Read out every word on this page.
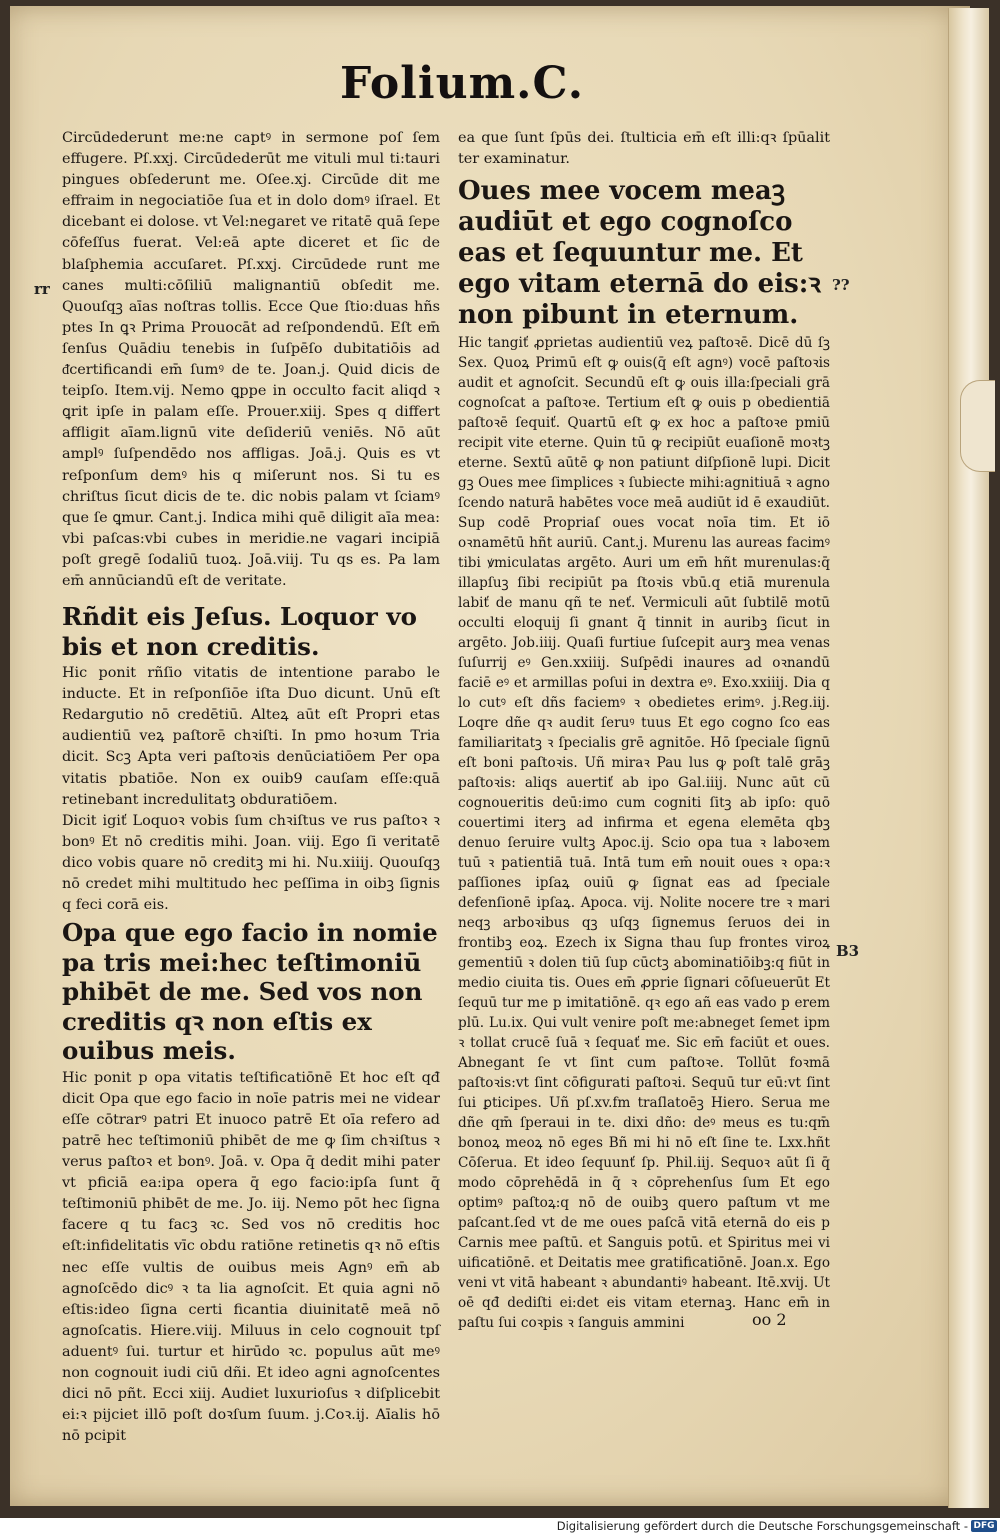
Folium.C.
rr	??
B3

Circūdederunt me:ne captꝰ in sermone poſ ſem effugere. Pſ.xxj. Circūdederūt me vituli mul ti:tauri pingues obſederunt me. Oſee.xj. Circūde dit me effraim in negociatiōe ſua et in dolo domꝰ iſrael. Et dicebant ei dolose. vt Vel:negaret ve ritatē quā ſepe cōfeſſus fuerat. Vel:eā apte diceret et ſic de blaſphemia accuſaret. Pſ.xxj. Circūdede runt me canes multi:cōſiliū malignantiū obſedit me. Quouſqꝫ aīas noſtras tollis. Ecce Que ſtio:duas hñs ptes In ꝗꝛ Prima Prouocāt ad reſpondendū. Eſt em̄ ſenſus Quādiu tenebis in ſuſpēſo dubitatiōis ad ᵭcertificandi em̄ ſumꝰ de te. Joan.j. Quid dicis de teipſo. Item.vij. Nemo ꝗppe in occulto facit aliqd ꝛ ꝗrit ipſe in palam eſſe. Prouer.xiij. Spes q differt affligit aīam.lignū vite deſideriū veniēs. Nō aūt amplꝰ ſuſpendēdo nos affligas. Joā.j. Quis es vt reſponſum demꝰ his q miſerunt nos. Si tu es chriſtus ſicut dicis de te. dic nobis palam vt ſciamꝰ que ſe ꝗmur. Cant.j. Indica mihi quē diligit aīa mea: vbi paſcas:vbi cubes in meridie.ne vagari incipiā poſt gregē ſodaliū tuoꝝ. Joā.viij. Tu qs es. Pa lam em̄ annūciandū eſt de veritate.

Rñdit eis Jeſus. Loquor vo bis et non creditis.

Hic ponit rñſio vitatis de intentione parabo le inducte. Et in reſponſiōe iſta Duo dicunt. Unū eſt Redargutio nō credētiū. Alteꝝ aūt eſt Propri etas audientiū veꝝ paſtorē chꝛiſti. In pmo hoꝛum Tria dicit. Scꝫ Apta veri paſtoꝛis denūciatiōem Per opa vitatis pbatiōe. Non ex ouib9 cauſam eſſe:quā retinebant incredulitatꝫ obduratiōem.

Dicit igiť Loquoꝛ vobis ſum chꝛiſtus ve rus paſtoꝛ ꝛ bonꝰ Et nō creditis mihi. Joan. viij. Ego ſi veritatē dico vobis quare nō creditꝫ mi hi. Nu.xiiij. Quouſqꝫ nō credet mihi multitudo hec peſſima in oibꝫ ſignis q feci corā eis.

Opa que ego facio in nomie pa tris mei:hec teſtimoniū phibēt de me. Sed vos non creditis qꝛ non eſtis ex ouibus meis.

Hic ponit p opa vitatis teſtificatiōnē Et hoc eſt qđ dicit Opa que ego facio in noīe patris mei ne videar eſſe cōtrarꝰ patri Et inuoco patrē Et oīa refero ad patrē hec teſtimoniū phibēt de me ꝙ ſim chꝛiſtus ꝛ verus paſtoꝛ et bonꝰ. Joā. v. Opa q̄ dedit mihi pater vt pficiā ea:ipa opera q̄ ego facio:ipſa ſunt q̄ teſtimoniū phibēt de me. Jo. iij. Nemo pōt hec ſigna facere q tu facꝫ ꝛc. Sed vos nō creditis hoc eſt:infidelitatis vīc obdu ratiōne retinetis qꝛ nō eſtis nec eſſe vultis de ouibus meis Agnꝰ em̄ ab agnoſcēdo dicꝰ ꝛ ta lia agnoſcit. Et quia agni nō eſtis:ideo ſigna certi ficantia diuinitatē meā nō agnoſcatis. Hiere.viij. Miluus in celo cognouit tpſ aduentꝰ ſui. turtur et hirūdo ꝛc. populus aūt meꝰ non cognouit iudi ciū dñi. Et ideo agni agnoſcentes dici nō pñt. Ecci xiij. Audiet luxurioſus ꝛ diſplicebit ei:ꝛ pijciet illō poſt doꝛſum ſuum. j.Coꝛ.ij. Aīalis hō nō pcipit

ea que ſunt ſpūs dei. ſtulticia em̄ eſt illi:qꝛ ſpūalit ter examinatur.

Oues mee vocem meaꝫ audiūt et ego cognoſco eas et ſequuntur me. Et ego vitam eternā do eis:ꝛ non pibunt in eternum.

Hic tangiť ꝓprietas audientiū veꝝ paſtoꝛē. Dicē dū ſꝫ Sex. Quoꝝ Primū eſt ꝙ ouis(q̄ eſt agnꝰ) vocē paſtoꝛis audit et agnoſcit. Secundū eſt ꝙ ouis illa:ſpeciali grā cognoſcat a paſtoꝛe. Tertium eſt ꝙ ouis p obedientiā paſtoꝛē ſequiť. Quartū eſt ꝙ ex hoc a paſtoꝛe pmiū recipit vite eterne. Quin tū ꝙ recipiūt euaſionē moꝛtꝫ eterne. Sextū aūtē ꝙ non patiunt diſpſionē lupi. Dicit gꝫ Oues mee ſimplices ꝛ ſubiecte mihi:agnitiuā ꝛ agno ſcendo naturā habētes voce meā audiūt id ē exaudiūt. Sup codē Propriaſ oues vocat noīa tim. Et iō oꝛnamētū hñt auriū. Cant.j. Murenu las aureas facimꝰ tibi ꝟmiculatas argēto. Auri um em̄ hñt murenulas:q̄ illapſuꝫ ſibi recipiūt pa ſtoꝛis vbū.q etiā murenula labiť de manu qñ te neť. Vermiculi aūt ſubtilē motū occulti eloquij ſi gnant q̄ tinnit in auribꝫ ſicut in argēto. Job.iiij. Quaſi furtiue ſuſcepit aurꝫ mea venas ſuſurrij eꝰ Gen.xxiiij. Suſpēdi inaures ad oꝛnandū faciē eꝰ et armillas poſui in dextra eꝰ. Exo.xxiiij. Dia q lo cutꝰ eſt dñs faciemꝰ ꝛ obedietes erimꝰ. j.Reg.iij. Loqre dñe qꝛ audit ſeruꝰ tuus Et ego cogno ſco eas familiaritatꝫ ꝛ ſpecialis grē agnitōe. Hō ſpeciale ſignū eſt boni paſtoꝛis. Uñ miraꝛ Pau lus ꝙ poſt talē grāꝫ paſtoꝛis: aliqs auertiť ab ipo Gal.iiij. Nunc aūt cū cognoueritis deū:imo cum cogniti ſitꝫ ab ipſo: quō couertimi iterꝫ ad infirma et egena elemēta qbꝫ denuo ſeruire vultꝫ Apoc.ij. Scio opa tua ꝛ laboꝛem tuū ꝛ patientiā tuā. Intā tum em̄ nouit oues ꝛ opa:ꝛ paſſiones ipſaꝝ ouiū ꝙ ſignat eas ad ſpeciale defenſionē ipſaꝝ. Apoca. vij. Nolite nocere tre ꝛ mari neqꝫ arboꝛibus qꝫ uſqꝫ ſignemus ſeruos dei in frontibꝫ eoꝝ. Ezech ix Signa thau ſup frontes viroꝝ gementiū ꝛ dolen tiū ſup cūctꝫ abominatiōibꝫ:q fiūt in medio ciuita tis. Oues em̄ ꝓprie ſignari cōſueuerūt Et ſequū tur me p imitatiōnē. qꝛ ego añ eas vado p erem plū. Lu.ix. Qui vult venire poſt me:abneget ſemet ipm ꝛ tollat crucē ſuā ꝛ ſequať me. Sic em̄ faciūt et oues. Abnegant ſe vt ſint cum paſtoꝛe. Tollūt foꝛmā paſtoꝛis:vt ſint cōfigurati paſtoꝛi. Sequū tur eū:vt ſint ſui ꝑticipes. Uñ pſ.xv.fm traſlatoēꝫ Hiero. Serua me dñe qm̄ ſperaui in te. dixi dño: deꝰ meus es tu:qm̄ bonoꝝ meoꝝ nō eges Bñ mi hi nō eſt ſine te. Lxx.hñt Cōſerua. Et ideo ſequunť ſp. Phil.iij. Sequoꝛ aūt ſi q̄ modo cōprehēdā in q̄ ꝛ cōprehenſus ſum Et ego optimꝰ paſtoꝝ:q nō de ouibꝫ quero paſtum vt me paſcant.ſed vt de me oues paſcā vitā eternā do eis p Carnis mee paſtū. et Sanguis potū. et Spiritus mei vi uificatiōnē. et Deitatis mee gratificatiōnē. Joan.x. Ego veni vt vitā habeant ꝛ abundantiꝰ habeant. Itē.xvij. Ut oē qđ dediſti ei:det eis vitam eternaꝫ. Hanc em̄ in paſtu ſui coꝛpis ꝛ ſanguis ammini	oo 2
Digitalisierung gefördert durch die Deutsche Forschungsgemeinschaft - DFG
